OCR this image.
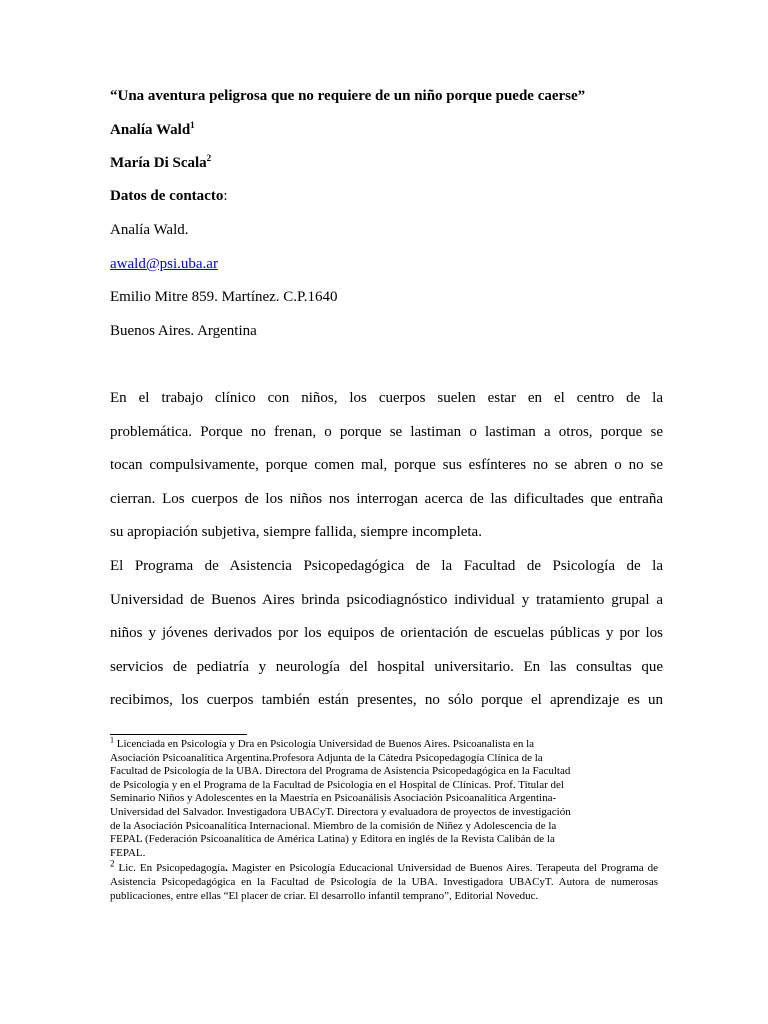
“Una aventura peligrosa que no requiere de un niño porque puede caerse”
Analía Wald$^1$
María Di Scala$^2$
Datos de contacto:
Analía Wald.
awald@psi.uba.ar
Emilio Mitre 859. Martínez. C.P.1640
Buenos Aires. Argentina
En el trabajo clínico con niños, los cuerpos suelen estar en el centro de la
problemática. Porque no frenan, o porque se lastiman o lastiman a otros, porque se
tocan compulsivamente, porque comen mal, porque sus esfínteres no se abren o no se
cierran. Los cuerpos de los niños nos interrogan acerca de las dificultades que entraña
su apropiación subjetiva, siempre fallida, siempre incompleta.
El Programa de Asistencia Psicopedagógica de la Facultad de Psicología de la
Universidad de Buenos Aires brinda psicodiagnóstico individual y tratamiento grupal a
niños y jóvenes derivados por los equipos de orientación de escuelas públicas y por los
servicios de pediatría y neurología del hospital universitario. En las consultas que
recibimos, los cuerpos también están presentes, no sólo porque el aprendizaje es un
$^1$ Licenciada en Psicología y Dra en Psicología Universidad de Buenos Aires. Psicoanalista en la
Asociación Psicoanalítica Argentina.Profesora Adjunta de la Cátedra Psicopedagogía Clínica de la
Facultad de Psicología de la UBA. Directora del Programa de Asistencia Psicopedagógica en la Facultad
de Psicología y en el Programa de la Facultad de Psicología en el Hospital de Clínicas. Prof. Titular del
Seminario Niños y Adolescentes en la Maestría en Psicoanálisis Asociación Psicoanalítica Argentina-
Universidad del Salvador. Investigadora UBACyT. Directora y evaluadora de proyectos de investigación
de la Asociación Psicoanalítica Internacional. Miembro de la comisión de Niñez y Adolescencia de la
FEPAL (Federación Psicoanalítica de América Latina) y Editora en inglés de la Revista Calibán de la
FEPAL.

$^2$ Lic. En Psicopedagogía. Magister en Psicología Educacional Universidad de Buenos Aires. Terapeuta del Programa de Asistencia Psicopedagógica en la Facultad de Psicología de la UBA. Investigadora UBACyT. Autora de numerosas publicaciones, entre ellas “El placer de criar. El desarrollo infantil temprano”, Editorial Noveduc.
